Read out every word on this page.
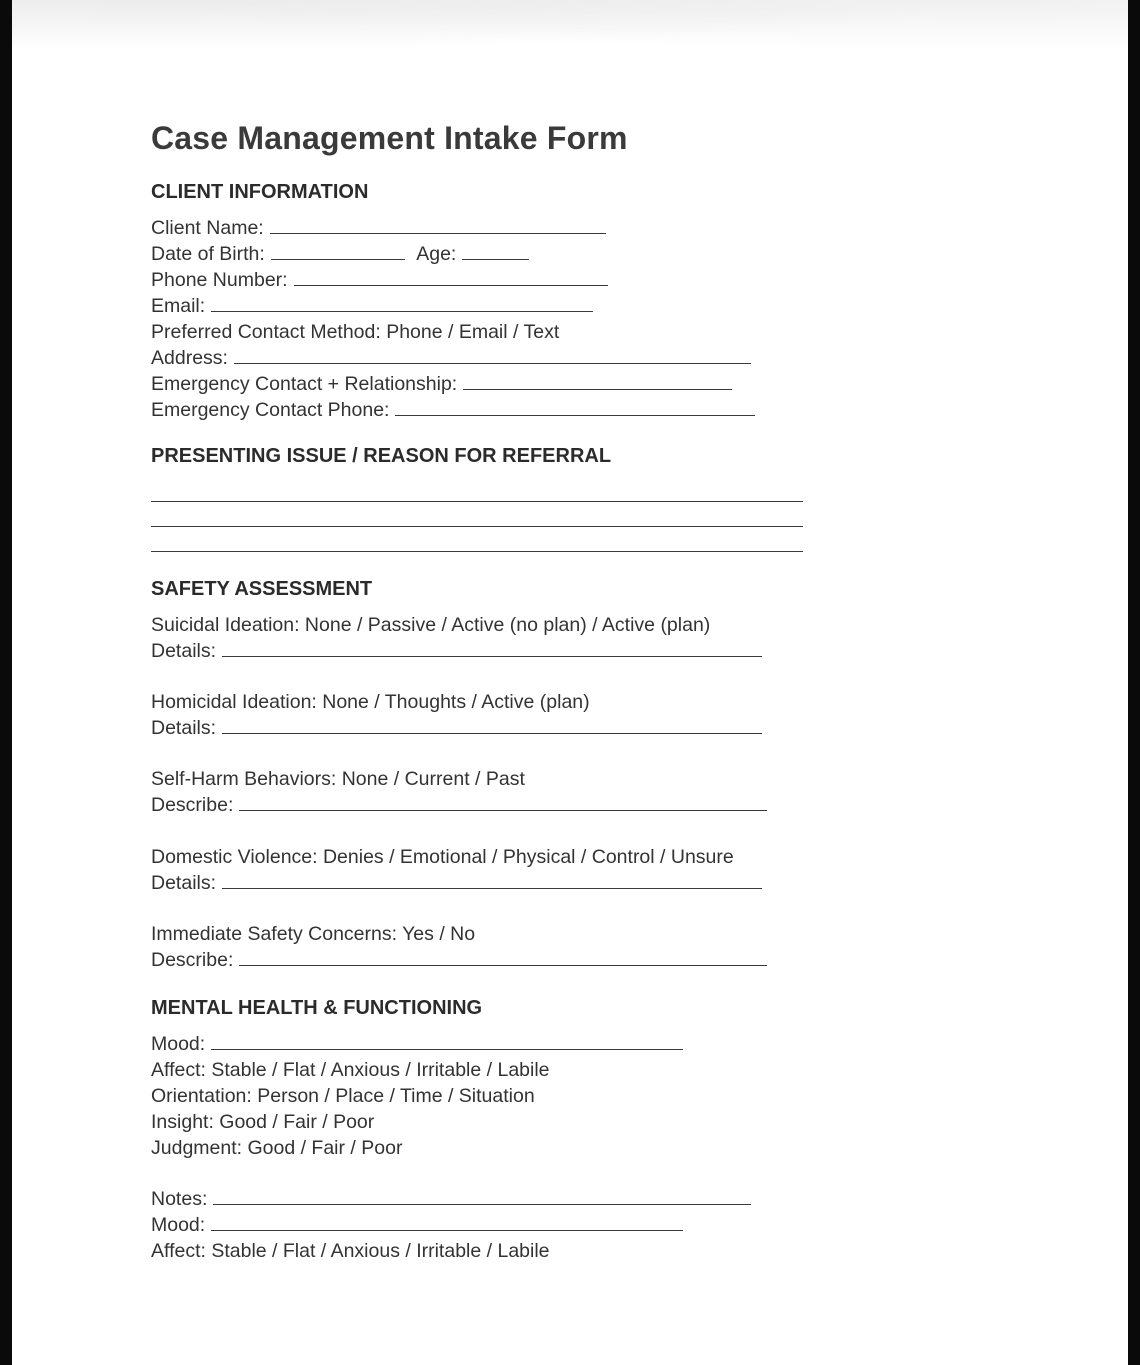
Case Management Intake Form
CLIENT INFORMATION
Client Name:
Date of Birth:	Age:
Phone Number:
Email:
Preferred Contact Method: Phone / Email / Text
Address:
Emergency Contact + Relationship:
Emergency Contact Phone:
PRESENTING ISSUE / REASON FOR REFERRAL
SAFETY ASSESSMENT
Suicidal Ideation: None / Passive / Active (no plan) / Active (plan)
Details:
Homicidal Ideation: None / Thoughts / Active (plan)
Details:
Self-Harm Behaviors: None / Current / Past
Describe:
Domestic Violence: Denies / Emotional / Physical / Control / Unsure
Details:
Immediate Safety Concerns: Yes / No
Describe:
MENTAL HEALTH & FUNCTIONING
Mood:
Affect: Stable / Flat / Anxious / Irritable / Labile
Orientation: Person / Place / Time / Situation
Insight: Good / Fair / Poor
Judgment: Good / Fair / Poor
Notes:
Mood:
Affect: Stable / Flat / Anxious / Irritable / Labile
